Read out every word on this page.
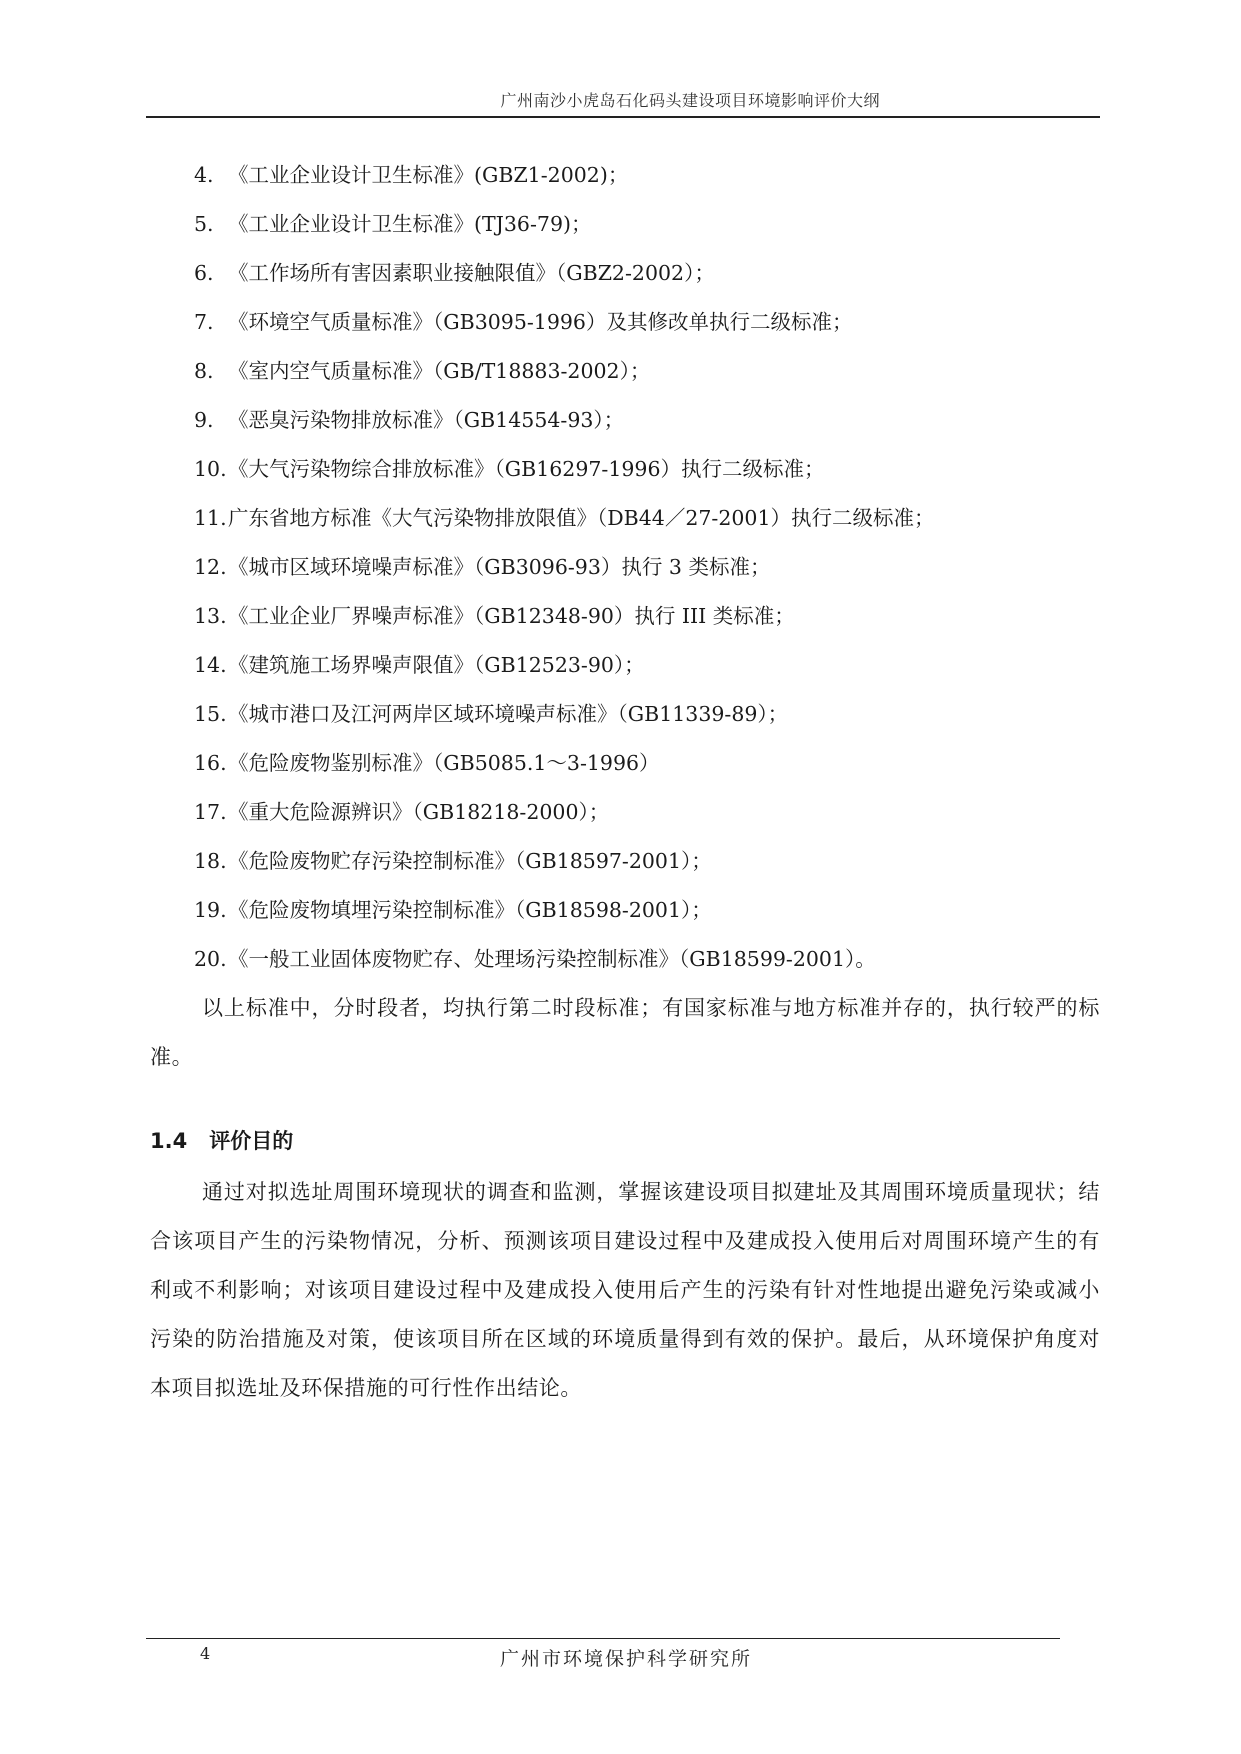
广州南沙小虎岛石化码头建设项目环境影响评价大纲
4. 《工业企业设计卫生标准》(GBZ1-2002)；
5. 《工业企业设计卫生标准》(TJ36-79)；
6. 《工作场所有害因素职业接触限值》（GBZ2-2002）；
7. 《环境空气质量标准》（GB3095-1996）及其修改单执行二级标准；
8. 《室内空气质量标准》（GB/T18883-2002）；
9. 《恶臭污染物排放标准》（GB14554-93）；
10. 《大气污染物综合排放标准》（GB16297-1996）执行二级标准；
11. 广东省地方标准《大气污染物排放限值》（DB44／27-2001）执行二级标准；
12. 《城市区域环境噪声标准》（GB3096-93）执行 3 类标准；
13. 《工业企业厂界噪声标准》（GB12348-90）执行 III 类标准；
14. 《建筑施工场界噪声限值》（GB12523-90）；
15. 《城市港口及江河两岸区域环境噪声标准》（GB11339-89）；
16. 《危险废物鉴别标准》（GB5085.1～3-1996）
17. 《重大危险源辨识》（GB18218-2000）；
18. 《危险废物贮存污染控制标准》（GB18597-2001）；
19. 《危险废物填埋污染控制标准》（GB18598-2001）；
20. 《一般工业固体废物贮存、处理场污染控制标准》（GB18599-2001）。

以上标准中，分时段者，均执行第二时段标准；有国家标准与地方标准并存的，执行较严的标准。

1.4 评价目的

通过对拟选址周围环境现状的调查和监测，掌握该建设项目拟建址及其周围环境质量现状；结合该项目产生的污染物情况，分析、预测该项目建设过程中及建成投入使用后对周围环境产生的有利或不利影响；对该项目建设过程中及建成投入使用后产生的污染有针对性地提出避免污染或减小污染的防治措施及对策，使该项目所在区域的环境质量得到有效的保护。最后，从环境保护角度对本项目拟选址及环保措施的可行性作出结论。

4	广州市环境保护科学研究所
